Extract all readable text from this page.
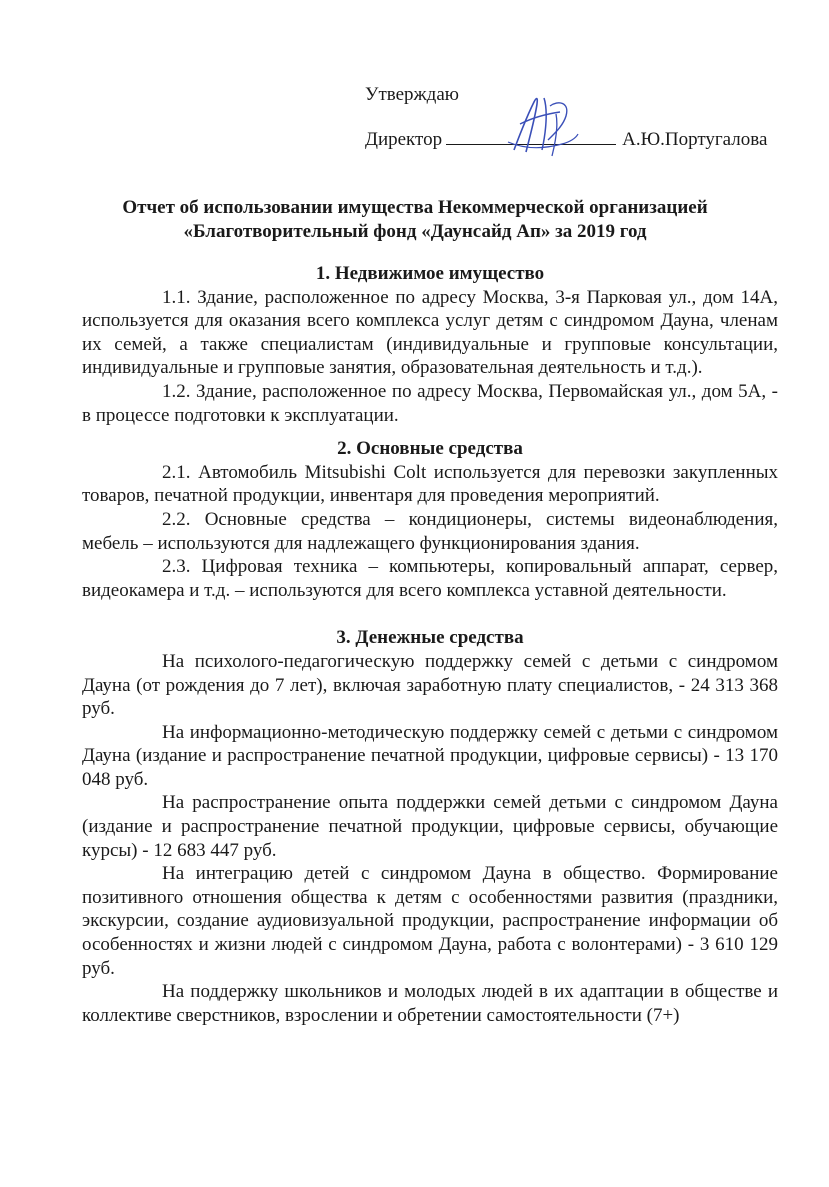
Утверждаю
Директор	А.Ю.Португалова
Отчет об использовании имущества Некоммерческой организацией
«Благотворительный фонд «Даунсайд Ап» за 2019 год

1. Недвижимое имущество

1.1. Здание, расположенное по адресу Москва, 3-я Парковая ул., дом 14А, используется для оказания всего комплекса услуг детям с синдромом Дауна, членам их семей, а также специалистам (индивидуальные и групповые консультации, индивидуальные и групповые занятия, образовательная деятельность и т.д.).

1.2. Здание, расположенное по адресу Москва, Первомайская ул., дом 5А, - в процессе подготовки к эксплуатации.

2. Основные средства

2.1. Автомобиль Mitsubishi Colt используется для перевозки закупленных товаров, печатной продукции, инвентаря для проведения мероприятий.

2.2. Основные средства – кондиционеры, системы видеонаблюдения, мебель – используются для надлежащего функционирования здания.

2.3. Цифровая техника – компьютеры, копировальный аппарат, сервер, видеокамера и т.д. – используются для всего комплекса уставной деятельности.

3. Денежные средства

На психолого-педагогическую поддержку семей с детьми с синдромом Дауна (от рождения до 7 лет), включая заработную плату специалистов, - 24 313 368 руб.

На информационно-методическую поддержку семей с детьми с синдромом Дауна (издание и распространение печатной продукции, цифровые сервисы) - 13 170 048 руб.

На распространение опыта поддержки семей детьми с синдромом Дауна (издание и распространение печатной продукции, цифровые сервисы, обучающие курсы) - 12 683 447 руб.

На интеграцию детей с синдромом Дауна в общество. Формирование позитивного отношения общества к детям с особенностями развития (праздники, экскурсии, создание аудиовизуальной продукции, распространение информации об особенностях и жизни людей с синдромом Дауна, работа с волонтерами) - 3 610 129 руб.

На поддержку школьников и молодых людей в их адаптации в обществе и коллективе сверстников, взрослении и обретении самостоятельности (7+)
